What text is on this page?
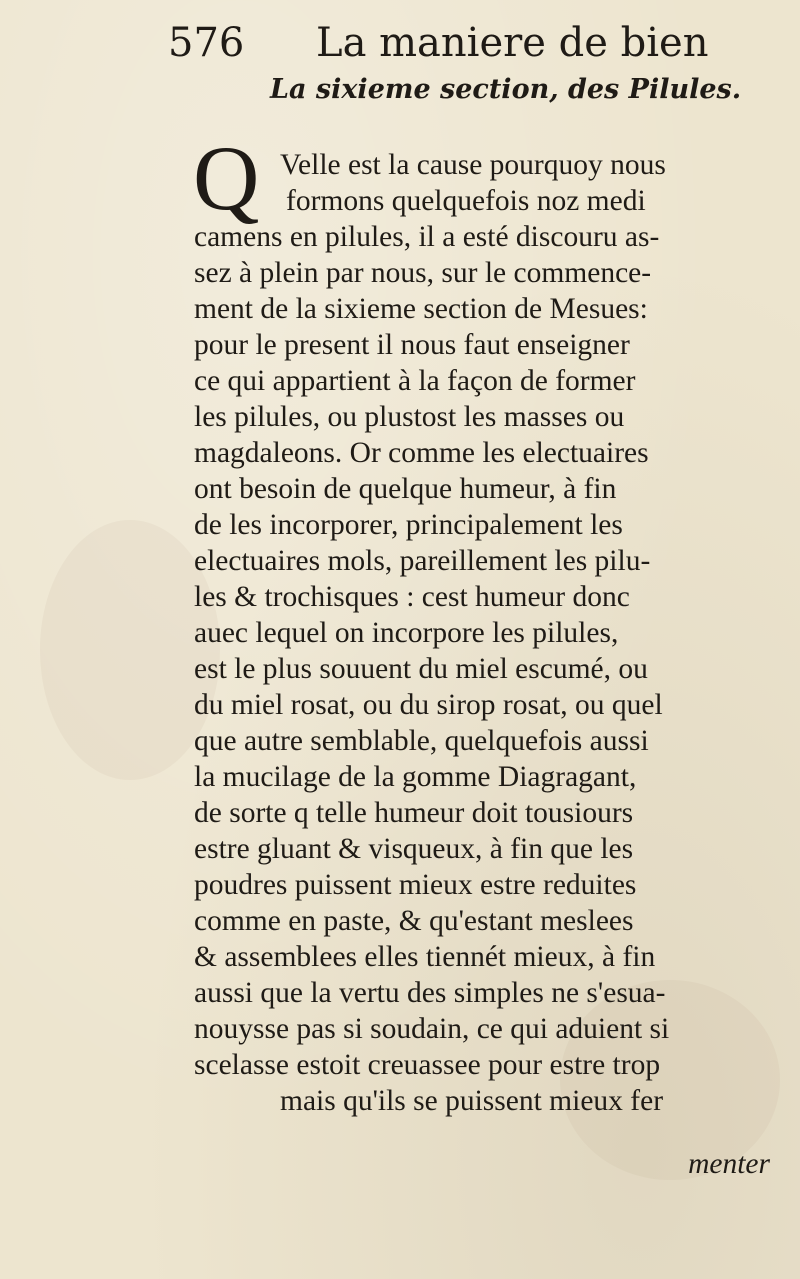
576 La maniere de bien
La sixieme section, des Pilules.
Q Velle est la cause pourquoy nous
formons quelquefois noz medi
camens en pilules, il a esté discouru as-
sez à plein par nous, sur le commence-
ment de la sixieme section de Mesues:
pour le present il nous faut enseigner
ce qui appartient à la façon de former
les pilules, ou plustost les masses ou
magdaleons. Or comme les electuaires
ont besoin de quelque humeur, à fin
de les incorporer, principalement les
electuaires mols, pareillement les pilu-
les & trochisques : cest humeur donc
auec lequel on incorpore les pilules,
est le plus souuent du miel escumé, ou
du miel rosat, ou du sirop rosat, ou quel
que autre semblable, quelquefois aussi
la mucilage de la gomme Diagragant,
de sorte q telle humeur doit tousiours
estre gluant & visqueux, à fin que les
poudres puissent mieux estre reduites
comme en paste, & qu'estant meslees
& assemblees elles tiennét mieux, à fin
aussi que la vertu des simples ne s'esua-
nouysse pas si soudain, ce qui aduient si
scelasse estoit creuassee pour estre trop
mais qu'ils se puissent mieux fer
menter
